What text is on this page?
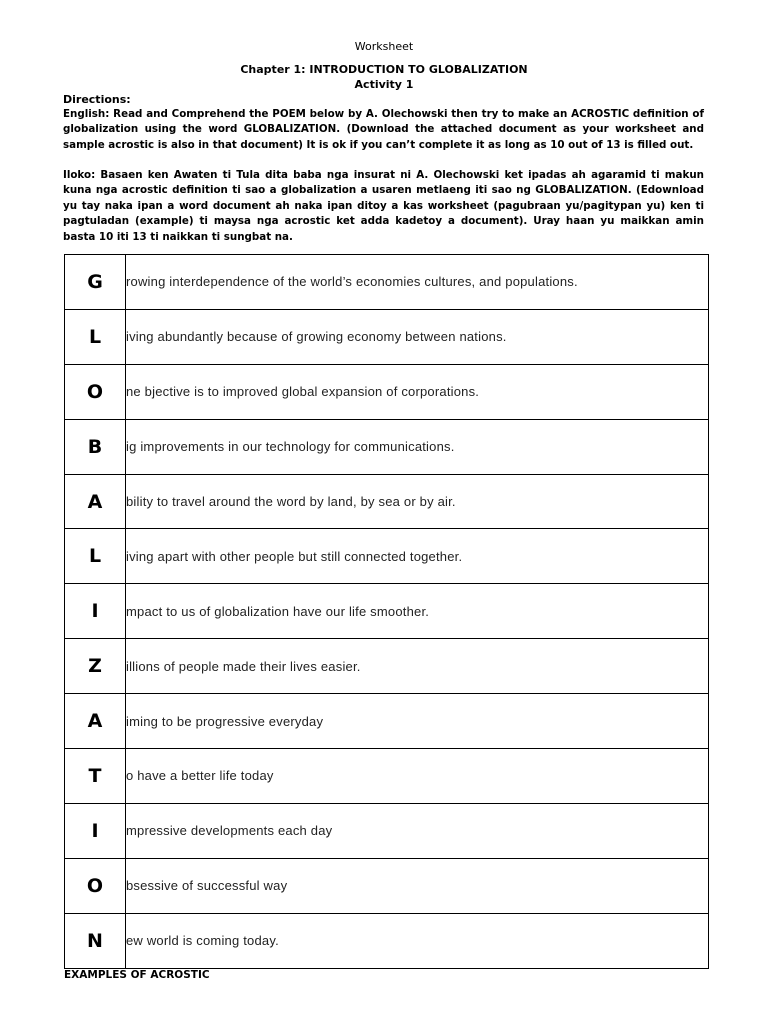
Worksheet
Chapter 1: INTRODUCTION TO GLOBALIZATION
Activity 1
Directions:
English: Read and Comprehend the POEM below by A. Olechowski then try to make an ACROSTIC definition of globalization using the word GLOBALIZATION. (Download the attached document as your worksheet and sample acrostic is also in that document) It is ok if you can’t complete it as long as 10 out of 13 is filled out.
Iloko: Basaen ken Awaten ti Tula dita baba nga insurat ni A. Olechowski ket ipadas ah agaramid ti makun kuna nga acrostic definition ti sao a globalization a usaren metlaeng iti sao ng GLOBALIZATION. (Edownload yu tay naka ipan a word document ah naka ipan ditoy a kas worksheet (pagubraan yu/pagitypan yu) ken ti pagtuladan (example) ti maysa nga acrostic ket adda kadetoy a document). Uray haan yu maikkan amin basta 10 iti 13 ti naikkan ti sungbat na.
G	rowing interdependence of the world’s economies cultures, and populations.
L	iving abundantly because of growing economy between nations.
O	ne bjective is to improved global expansion of corporations.
B	ig improvements in our technology for communications.
A	bility to travel around the word by land, by sea or by air.
L	iving apart with other people but still connected together.
I	mpact to us of globalization have our life smoother.
Z	illions of people made their lives easier.
A	iming to be progressive everyday
T	o have a better life today
I	mpressive developments each day
O	bsessive of successful way
N	ew world is coming today.
EXAMPLES OF ACROSTIC
